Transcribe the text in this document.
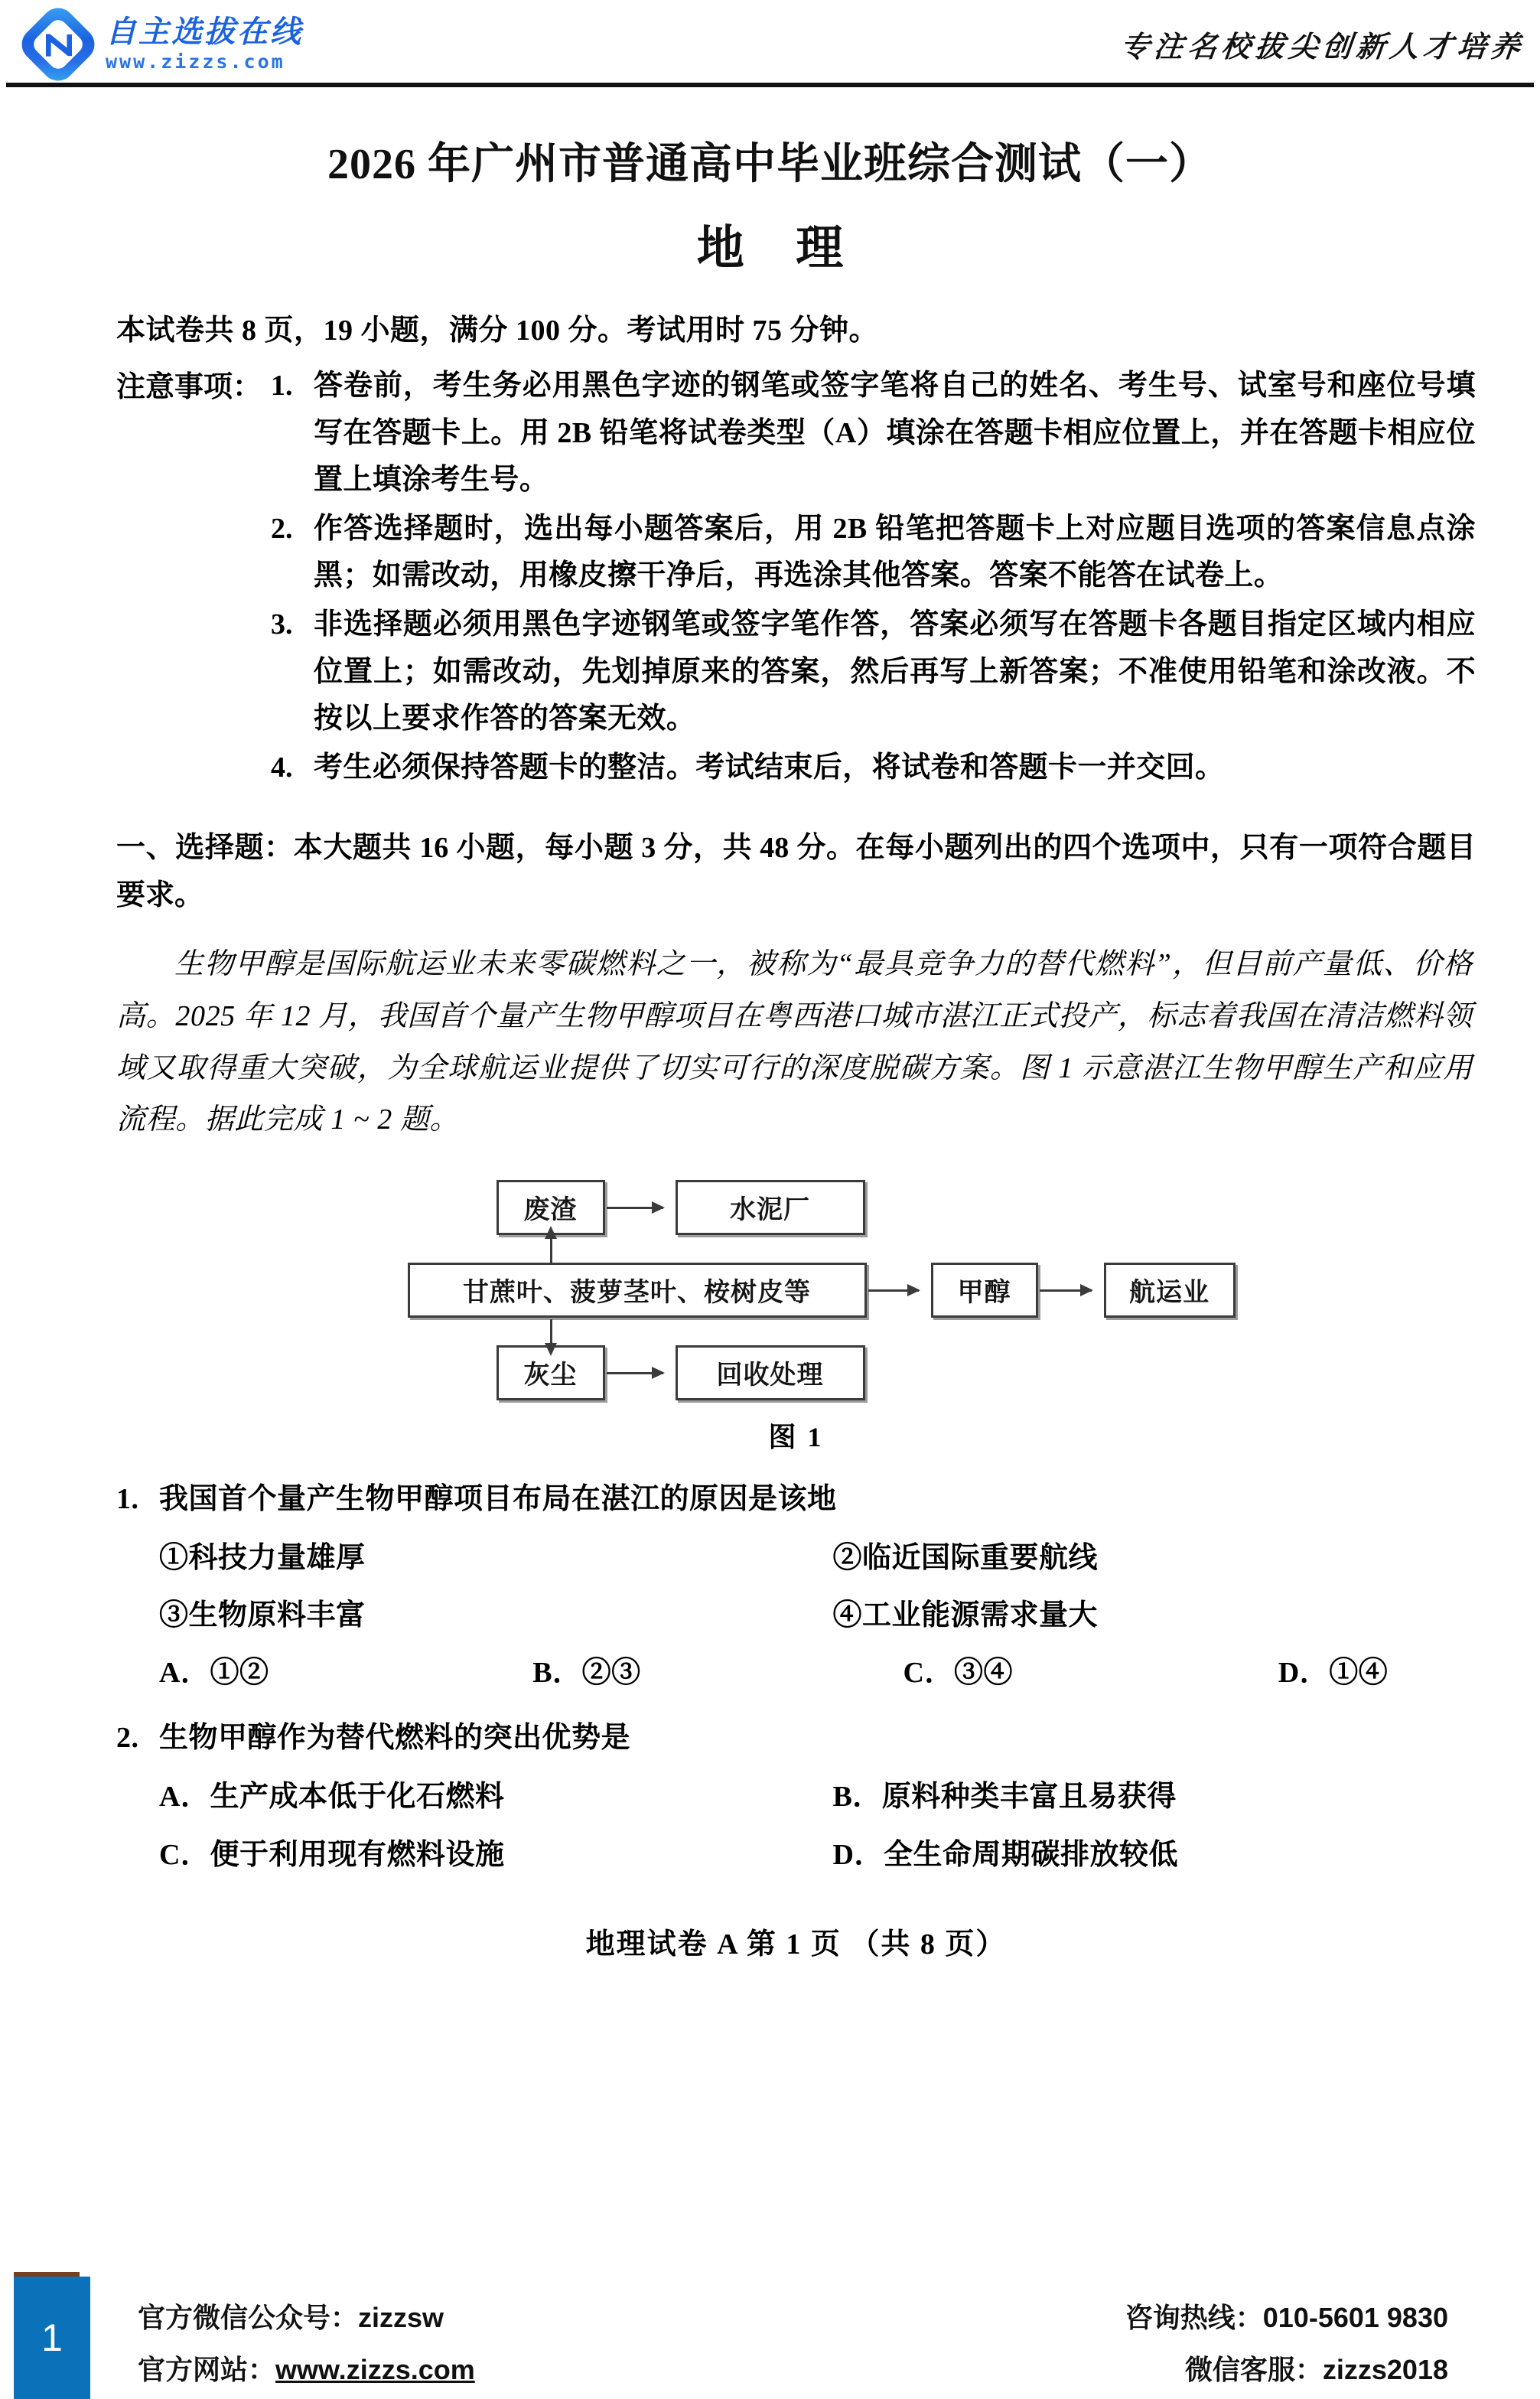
Z 自主选拔在线
www.zizzs.com	专注名校拔尖创新人才培养
2026 年广州市普通高中毕业班综合测试（一）
地 理
本试卷共 8 页，19 小题，满分 100 分。考试用时 75 分钟。
注意事项： 1. 答卷前，考生务必用黑色字迹的钢笔或签字笔将自己的姓名、考生号、试室号和座位号填写在答题卡上。用 2B 铅笔将试卷类型（A）填涂在答题卡相应位置上，并在答题卡相应位置上填涂考生号。
2. 作答选择题时，选出每小题答案后，用 2B 铅笔把答题卡上对应题目选项的答案信息点涂黑；如需改动，用橡皮擦干净后，再选涂其他答案。答案不能答在试卷上。
3. 非选择题必须用黑色字迹钢笔或签字笔作答，答案必须写在答题卡各题目指定区域内相应位置上；如需改动，先划掉原来的答案，然后再写上新答案；不准使用铅笔和涂改液。不按以上要求作答的答案无效。
4. 考生必须保持答题卡的整洁。考试结束后，将试卷和答题卡一并交回。
一、选择题：本大题共 16 小题，每小题 3 分，共 48 分。在每小题列出的四个选项中，只有一项符合题目要求。
生物甲醇是国际航运业未来零碳燃料之一，被称为“最具竞争力的替代燃料”，但目前产量低、价格高。2025 年 12 月，我国首个量产生物甲醇项目在粤西港口城市湛江正式投产，标志着我国在清洁燃料领域又取得重大突破，为全球航运业提供了切实可行的深度脱碳方案。图 1 示意湛江生物甲醇生产和应用流程。据此完成 1 ~ 2 题。
废渣	水泥厂
甘蔗叶、菠萝茎叶、桉树皮等	甲醇	航运业
灰尘	回收处理
图 1
1. 我国首个量产生物甲醇项目布局在湛江的原因是该地
①科技力量雄厚	②临近国际重要航线
③生物原料丰富	④工业能源需求量大
A．①②	B．②③	C．③④	D．①④
2. 生物甲醇作为替代燃料的突出优势是
A．生产成本低于化石燃料	B．原料种类丰富且易获得
C．便于利用现有燃料设施	D．全生命周期碳排放较低
地理试卷 A 第 1 页 （共 8 页）
1	官方微信公众号：zizzsw
官方网站：www.zizzs.com
咨询热线：010-5601 9830
微信客服：zizzs2018
